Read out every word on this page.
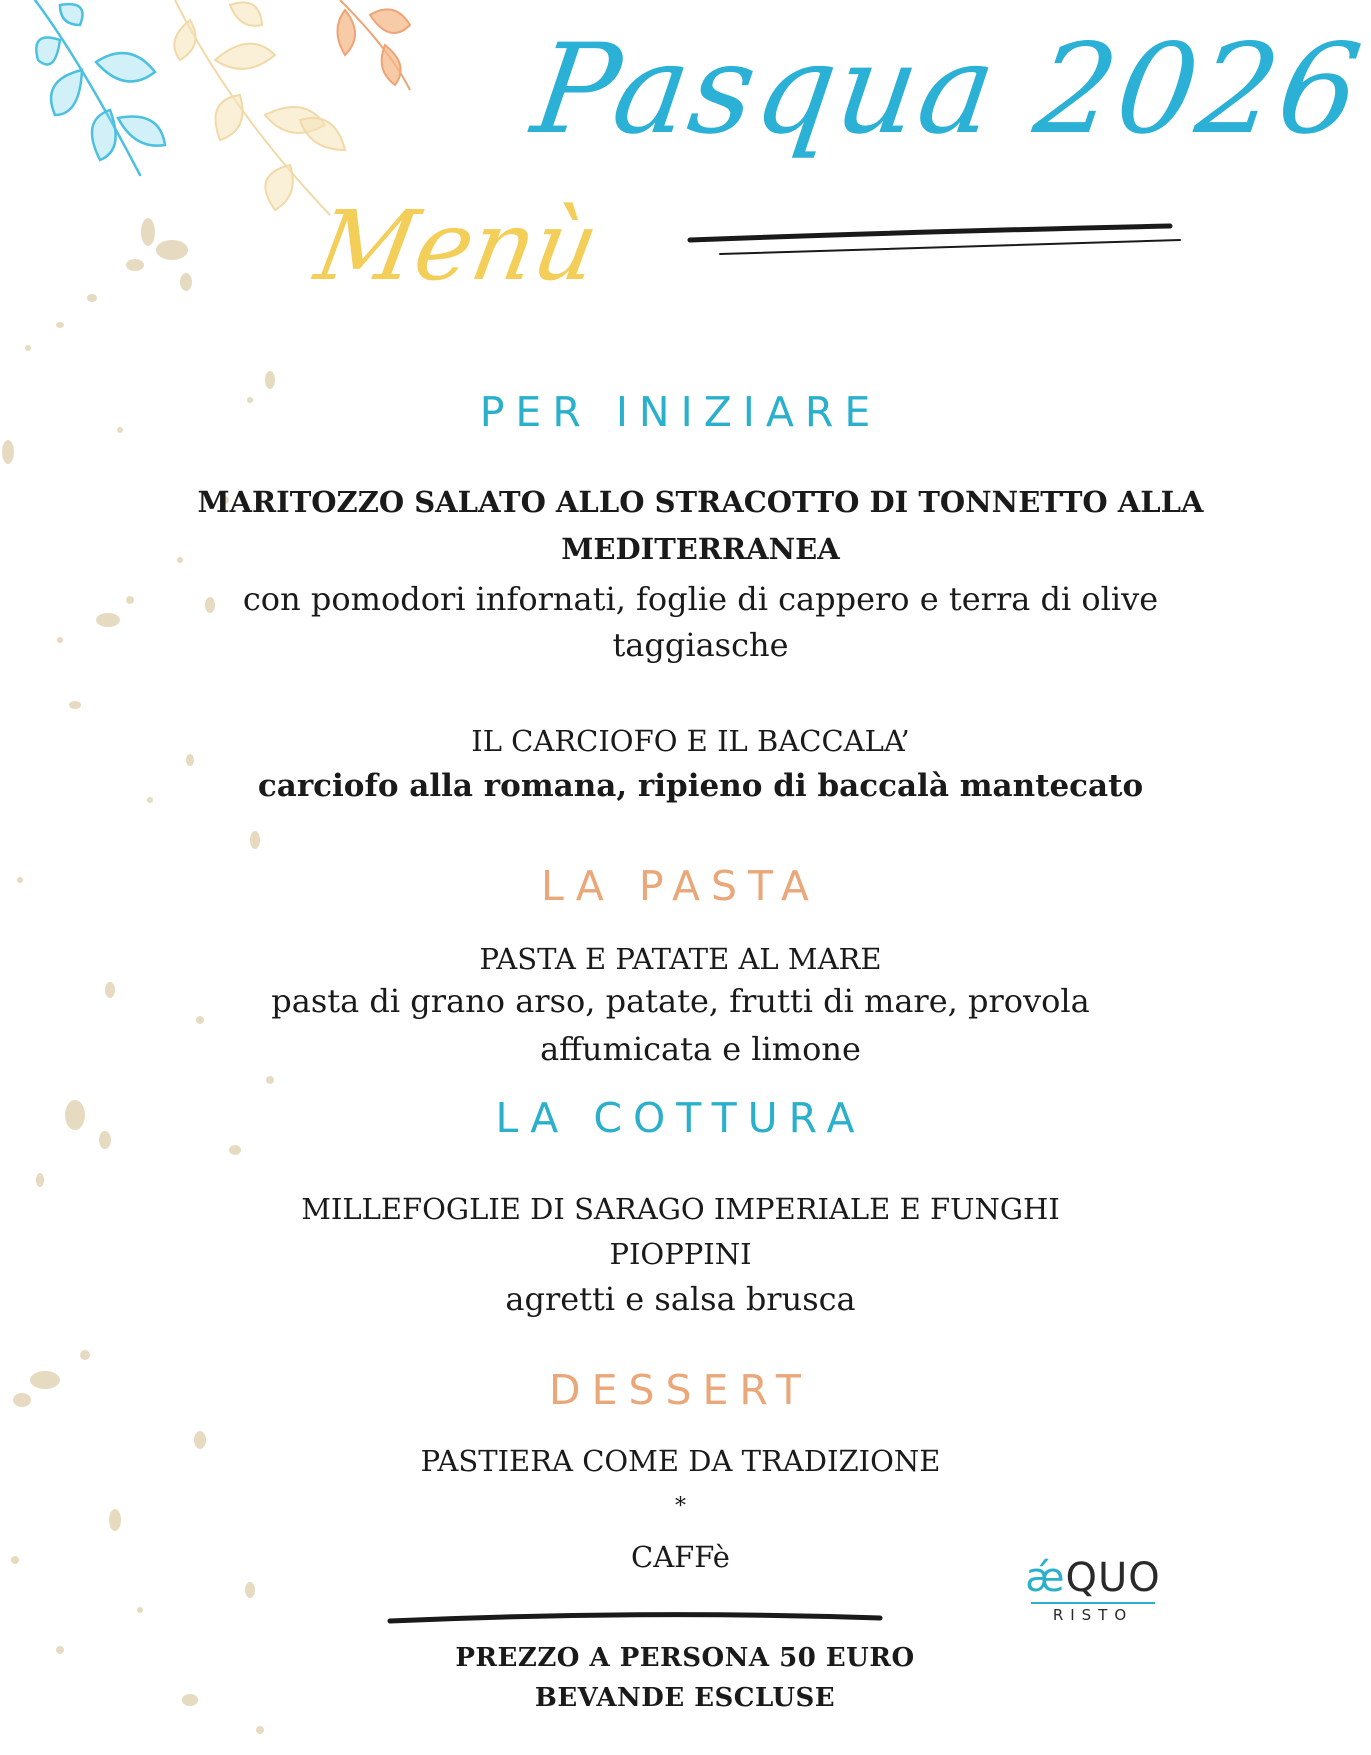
Pasqua 2026
Menù
PER INIZIARE
MARITOZZO SALATO ALLO STRACOTTO DI TONNETTO ALLA
MEDITERRANEA
con pomodori infornati, foglie di cappero e terra di olive
taggiasche
IL CARCIOFO E IL BACCALA’
carciofo alla romana, ripieno di baccalà mantecato
LA PASTA
PASTA E PATATE AL MARE
pasta di grano arso, patate, frutti di mare, provola
affumicata e limone
LA COTTURA
MILLEFOGLIE DI SARAGO IMPERIALE E FUNGHI
PIOPPINI
agretti e salsa brusca
DESSERT
PASTIERA COME DA TRADIZIONE
*
CAFFè	ǽQUO
RISTO
PREZZO A PERSONA 50 EURO
BEVANDE ESCLUSE
